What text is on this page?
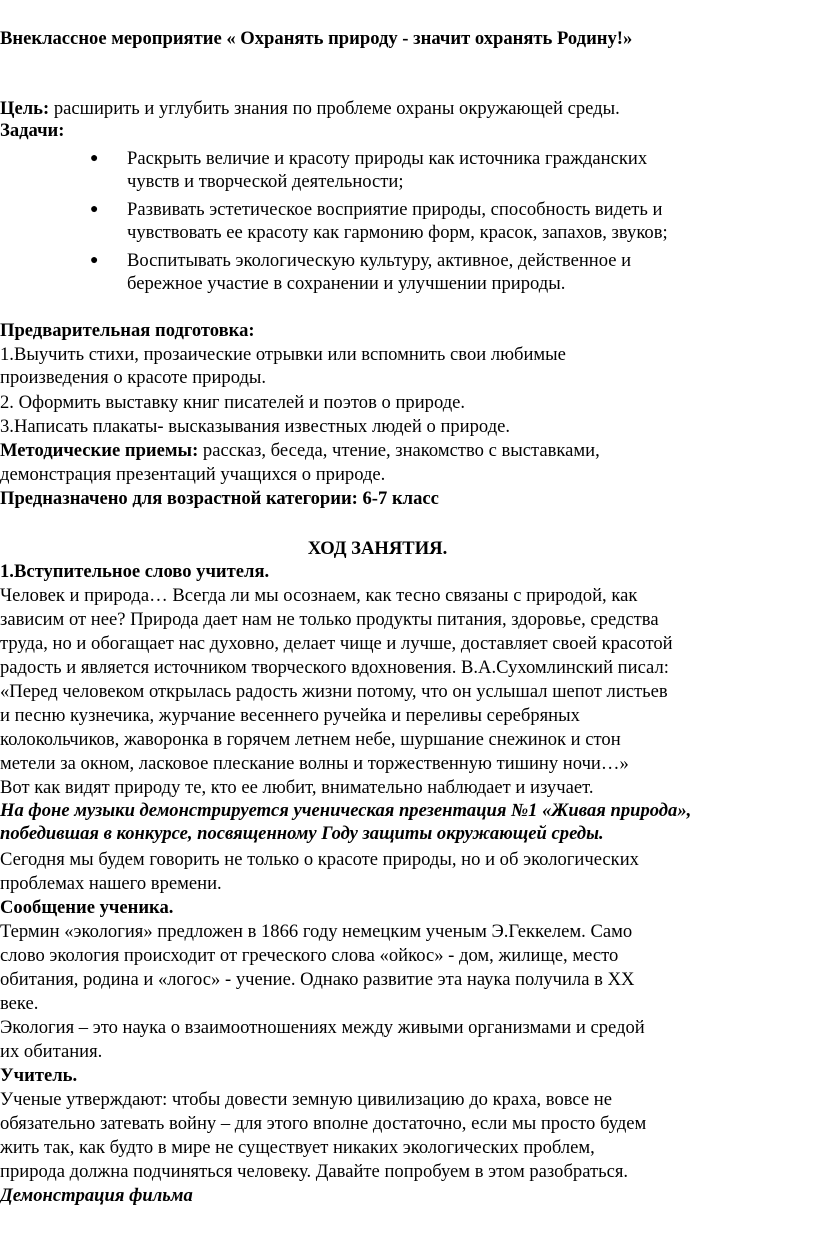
Внеклассное мероприятие « Охранять природу - значит охранять Родину!»
Цель: расширить и углубить знания по проблеме охраны окружающей среды.
Задачи:
● Раскрыть величие и красоту природы как источника гражданских
чувств и творческой деятельности;
● Развивать эстетическое восприятие природы, способность видеть и
чувствовать ее красоту как гармонию форм, красок, запахов, звуков;
● Воспитывать экологическую культуру, активное, действенное и
бережное участие в сохранении и улучшении природы.
Предварительная подготовка:
1.Выучить стихи, прозаические отрывки или вспомнить свои любимые
произведения о красоте природы.
2. Оформить выставку книг писателей и поэтов о природе.
3.Написать плакаты- высказывания известных людей о природе.
Методические приемы: рассказ, беседа, чтение, знакомство с выставками,
демонстрация презентаций учащихся о природе.
Предназначено для возрастной категории: 6-7 класс
ХОД ЗАНЯТИЯ.
1.Вступительное слово учителя.
Человек и природа… Всегда ли мы осознаем, как тесно связаны с природой, как
зависим от нее? Природа дает нам не только продукты питания, здоровье, средства
труда, но и обогащает нас духовно, делает чище и лучше, доставляет своей красотой
радость и является источником творческого вдохновения. В.А.Сухомлинский писал:
«Перед человеком открылась радость жизни потому, что он услышал шепот листьев
и песню кузнечика, журчание весеннего ручейка и переливы серебряных
колокольчиков, жаворонка в горячем летнем небе, шуршание снежинок и стон
метели за окном, ласковое плескание волны и торжественную тишину ночи…»
Вот как видят природу те, кто ее любит, внимательно наблюдает и изучает.
На фоне музыки демонстрируется ученическая презентация №1 «Живая природа»,
победившая в конкурсе, посвященному Году защиты окружающей среды.
Сегодня мы будем говорить не только о красоте природы, но и об экологических
проблемах нашего времени.
Сообщение ученика.
Термин «экология» предложен в 1866 году немецким ученым Э.Геккелем. Само
слово экология происходит от греческого слова «ойкос» - дом, жилище, место
обитания, родина и «логос» - учение. Однако развитие эта наука получила в XX
веке.
Экология – это наука о взаимоотношениях между живыми организмами и средой
их обитания.
Учитель.
Ученые утверждают: чтобы довести земную цивилизацию до краха, вовсе не
обязательно затевать войну – для этого вполне достаточно, если мы просто будем
жить так, как будто в мире не существует никаких экологических проблем,
природа должна подчиняться человеку. Давайте попробуем в этом разобраться.
Демонстрация фильма
